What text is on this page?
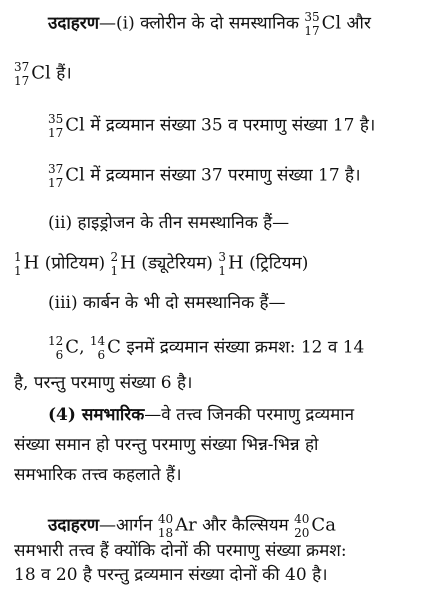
उदाहरण—(i) क्लोरीन के दो समस्थानिक 35
17 Cl और
37
17 Cl हैं।
35
17 Cl में द्रव्यमान संख्या 35 व परमाणु संख्या 17 है।
37
17 Cl में द्रव्यमान संख्या 37 परमाणु संख्या 17 है।
(ii) हाइड्रोजन के तीन समस्थानिक हैं—
1
1 H (प्रोटियम) 2
1 H (ड्यूटेरियम) 3
1 H (ट्रिटियम)
(iii) कार्बन के भी दो समस्थानिक हैं—
12
6 C, 14
6 C इनमें द्रव्यमान संख्या क्रमश: 12 व 14
है, परन्तु परमाणु संख्या 6 है।
(4) समभारिक—वे तत्त्व जिनकी परमाणु द्रव्यमान
संख्या समान हो परन्तु परमाणु संख्या भिन्न-भिन्न हो
समभारिक तत्त्व कहलाते हैं।
उदाहरण—आर्गन 40
18 Ar और कैल्सियम 40
20 Ca
समभारी तत्त्व हैं क्योंकि दोनों की परमाणु संख्या क्रमश:
18 व 20 है परन्तु द्रव्यमान संख्या दोनों की 40 है।
